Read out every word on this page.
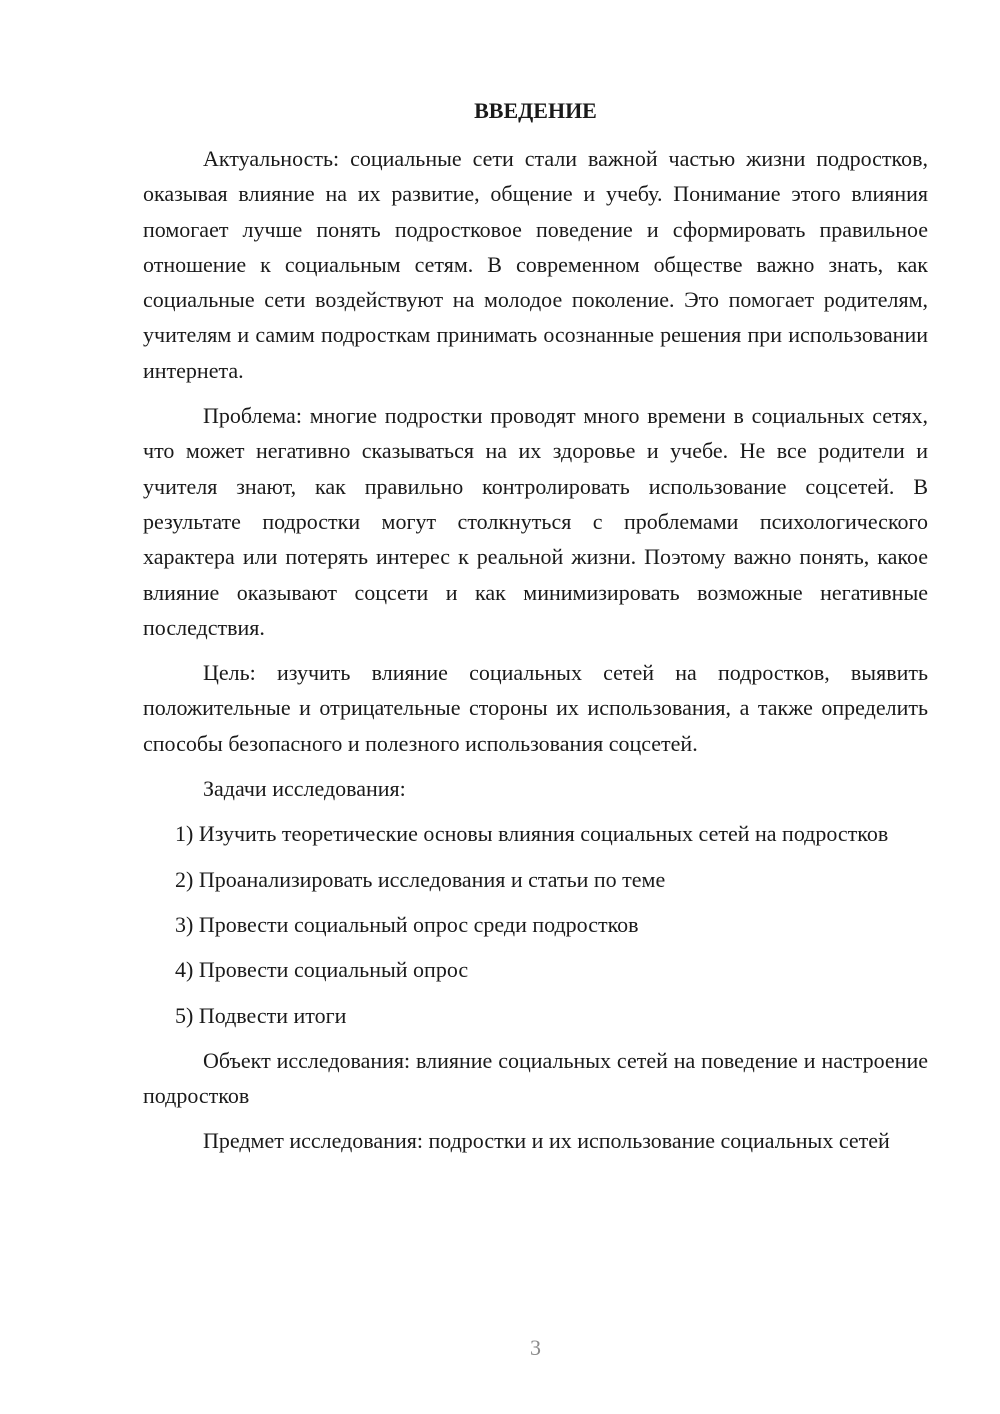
ВВЕДЕНИЕ

Актуальность: социальные сети стали важной частью жизни подростков, оказывая влияние на их развитие, общение и учебу. Понимание этого влияния помогает лучше понять подростковое поведение и сформировать правильное отношение к социальным сетям. В современном обществе важно знать, как социальные сети воздействуют на молодое поколение. Это помогает родителям, учителям и самим подросткам принимать осознанные решения при использовании интернета.

Проблема: многие подростки проводят много времени в социальных сетях, что может негативно сказываться на их здоровье и учебе. Не все родители и учителя знают, как правильно контролировать использование соцсетей. В результате подростки могут столкнуться с проблемами психологического характера или потерять интерес к реальной жизни. Поэтому важно понять, какое влияние оказывают соцсети и как минимизировать возможные негативные последствия.

Цель: изучить влияние социальных сетей на подростков, выявить положительные и отрицательные стороны их использования, а также определить способы безопасного и полезного использования соцсетей.

Задачи исследования:

1) Изучить теоретические основы влияния социальных сетей на подростков

2) Проанализировать исследования и статьи по теме

3) Провести социальный опрос среди подростков

4) Провести социальный опрос

5) Подвести итоги

Объект исследования: влияние социальных сетей на поведение и настроение подростков

Предмет исследования: подростки и их использование социальных сетей

3
